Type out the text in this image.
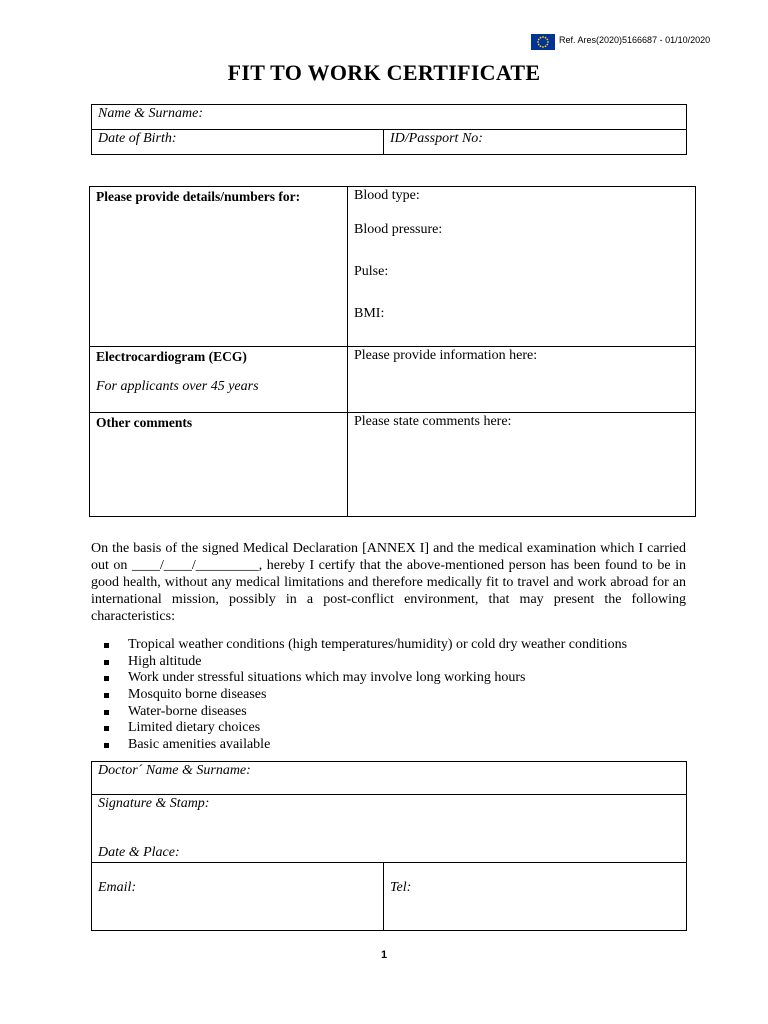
Ref. Ares(2020)5166687 - 01/10/2020
FIT TO WORK CERTIFICATE
Name & Surname:
Date of Birth:	ID/Passport No:
Please provide details/numbers for:	Blood type:
Blood pressure:
Pulse:
BMI:

Electrocardiogram (ECG)
For applicants over 45 years	Please provide information here:

Other comments	Please state comments here:
On the basis of the signed Medical Declaration [ANNEX I] and the medical examination which I carried out on ____/____/_________, hereby I certify that the above-mentioned person has been found to be in good health, without any medical limitations and therefore medically fit to travel and work abroad for an international mission, possibly in a post-conflict environment, that may present the following characteristics:
Tropical weather conditions (high temperatures/humidity) or cold dry weather conditions
High altitude
Work under stressful situations which may involve long working hours
Mosquito borne diseases
Water-borne diseases
Limited dietary choices
Basic amenities available
Doctor´ Name & Surname:

Signature & Stamp:
Date & Place:

Email:	Tel:
1
